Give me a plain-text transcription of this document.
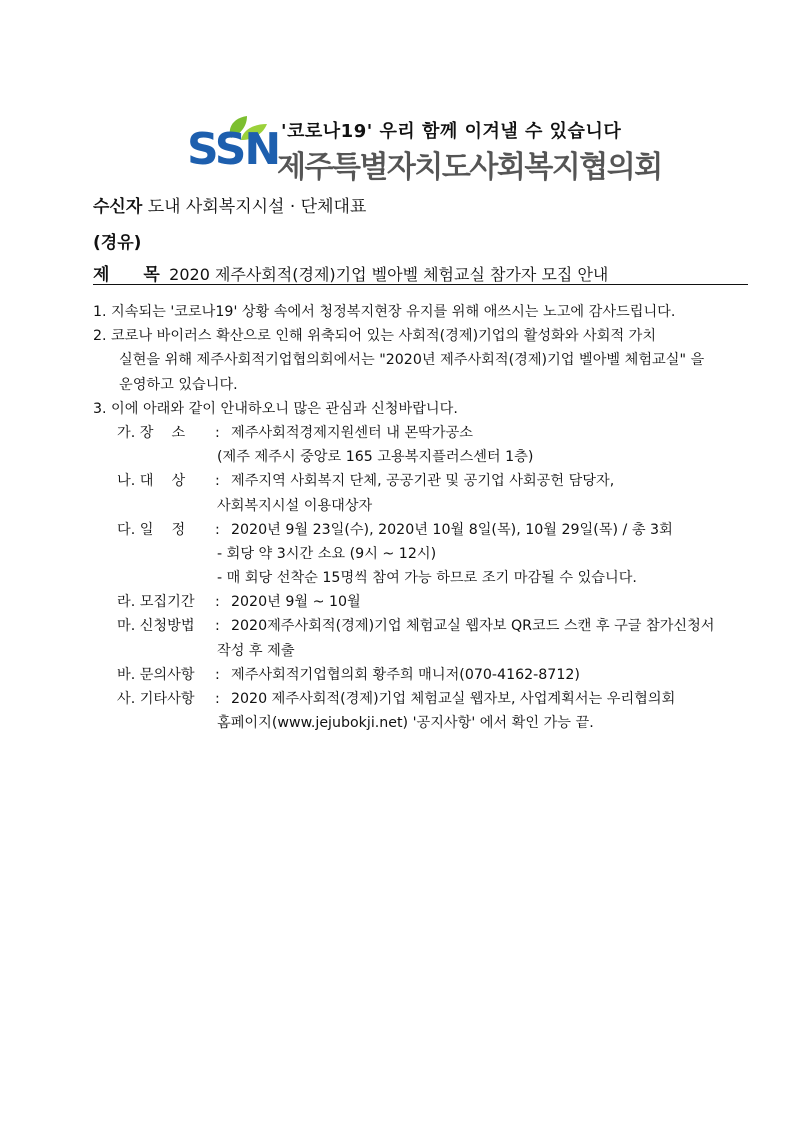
SSN '코로나19' 우리 함께 이겨낼 수 있습니다
제주특별자치도사회복지협의회
수신자 도내 사회복지시설 · 단체대표
(경유)
제 목 2020 제주사회적(경제)기업 벨아벨 체험교실 참가자 모집 안내
1. 지속되는 '코로나19' 상황 속에서 청정복지현장 유지를 위해 애쓰시는 노고에 감사드립니다.
2. 코로나 바이러스 확산으로 인해 위축되어 있는 사회적(경제)기업의 활성화와 사회적 가치
실현을 위해 제주사회적기업협의회에서는 "2020년 제주사회적(경제)기업 벨아벨 체험교실" 을
운영하고 있습니다.
3. 이에 아래와 같이 안내하오니 많은 관심과 신청바랍니다.
가. 장    소	: 제주사회적경제지원센터 내 몬딱가공소
(제주 제주시 중앙로 165 고용복지플러스센터 1층)
나. 대    상	: 제주지역 사회복지 단체, 공공기관 및 공기업 사회공헌 담당자,
사회복지시설 이용대상자
다. 일    정	: 2020년 9월 23일(수), 2020년 10월 8일(목), 10월 29일(목) / 총 3회
- 회당 약 3시간 소요 (9시 ~ 12시)
- 매 회당 선착순 15명씩 참여 가능 하므로 조기 마감될 수 있습니다.
라. 모집기간	: 2020년 9월 ~ 10월
마. 신청방법	: 2020제주사회적(경제)기업 체험교실 웹자보 QR코드 스캔 후 구글 참가신청서
작성 후 제출
바. 문의사항	: 제주사회적기업협의회 황주희 매니저(070-4162-8712)
사. 기타사항	: 2020 제주사회적(경제)기업 체험교실 웹자보, 사업계획서는 우리협의회
홈페이지(www.jejubokji.net) '공지사항' 에서 확인 가능 끝.
